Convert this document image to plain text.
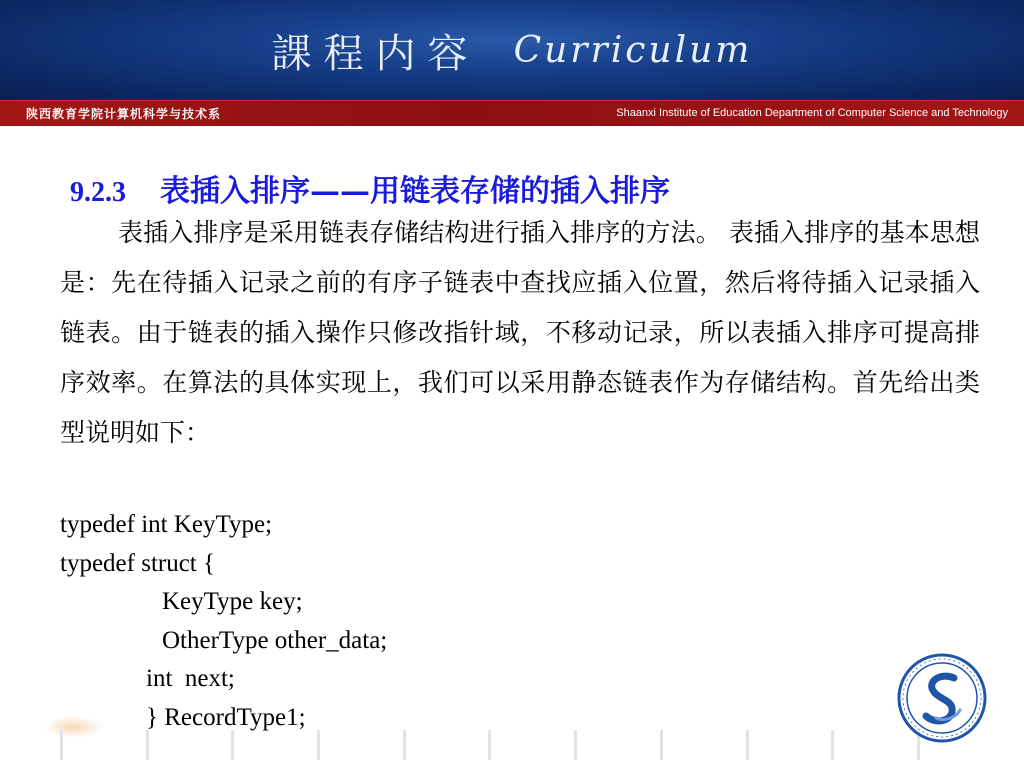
課程内容 Curriculum
陕西教育学院计算机科学与技术系	Shaanxi Institute of Education Department of Computer Science and Technology
9.2.3 表插入排序——用链表存储的插入排序

表插入排序是采用链表存储结构进行插入排序的方法。 表插入排序的基本思想是：先在待插入记录之前的有序子链表中查找应插入位置，然后将待插入记录插入链表。由于链表的插入操作只修改指针域，不移动记录，所以表插入排序可提高排序效率。在算法的具体实现上，我们可以采用静态链表作为存储结构。首先给出类型说明如下：

typedef int KeyType;
typedef struct {
KeyType key;
OtherType other_data;
int  next;
} RecordType1;
